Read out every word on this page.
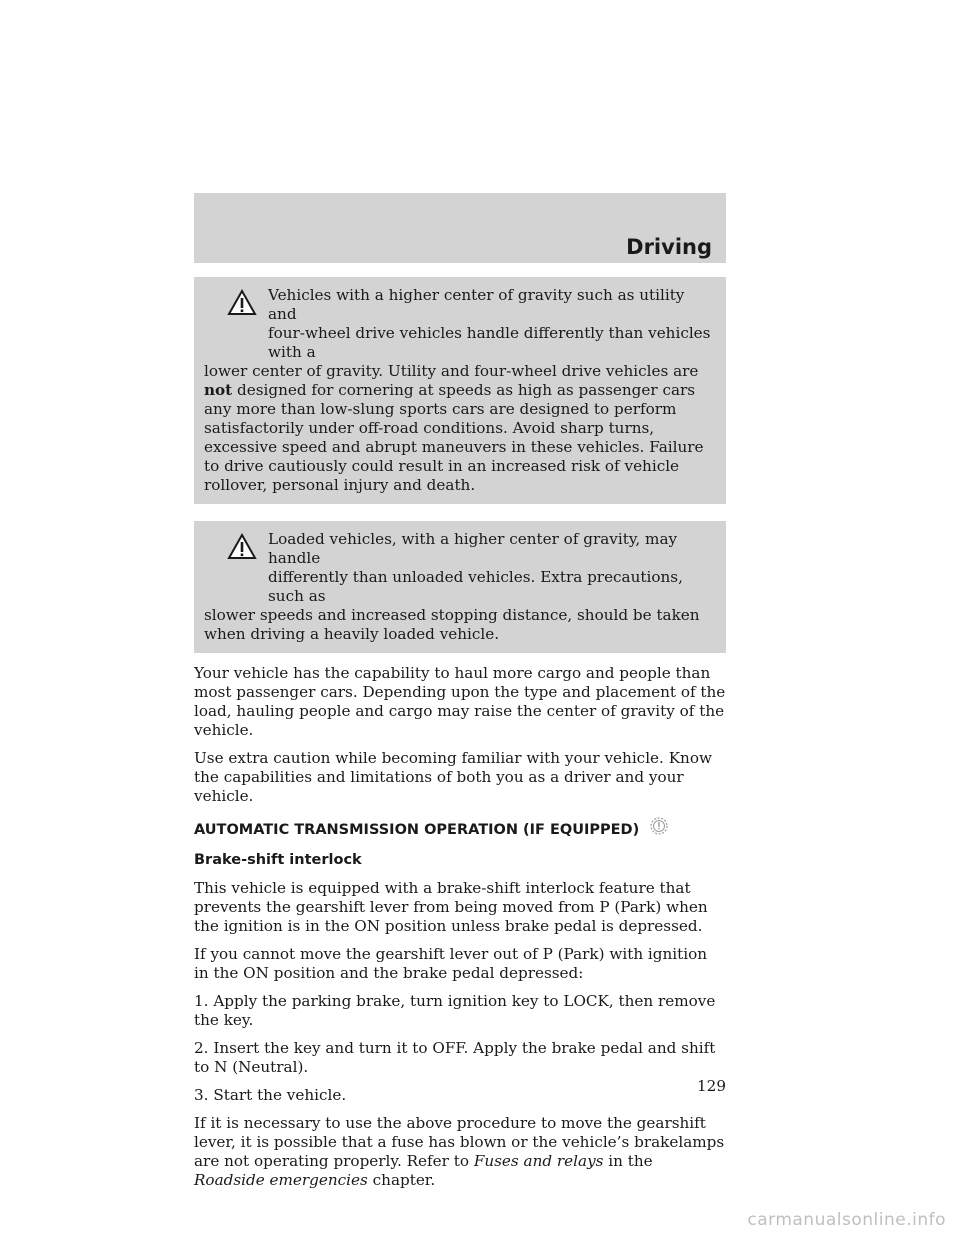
Driving
Vehicles with a higher center of gravity such as utility and
four-wheel drive vehicles handle differently than vehicles with a
lower center of gravity. Utility and four-wheel drive vehicles are not designed for cornering at speeds as high as passenger cars any more than low-slung sports cars are designed to perform satisfactorily under off-road conditions. Avoid sharp turns, excessive speed and abrupt maneuvers in these vehicles. Failure to drive cautiously could result in an increased risk of vehicle rollover, personal injury and death.
Loaded vehicles, with a higher center of gravity, may handle
differently than unloaded vehicles. Extra precautions, such as
slower speeds and increased stopping distance, should be taken when driving a heavily loaded vehicle.

Your vehicle has the capability to haul more cargo and people than most passenger cars. Depending upon the type and placement of the load, hauling people and cargo may raise the center of gravity of the vehicle.

Use extra caution while becoming familiar with your vehicle. Know the capabilities and limitations of both you as a driver and your vehicle.

AUTOMATIC TRANSMISSION OPERATION (IF EQUIPPED)
Brake-shift interlock

This vehicle is equipped with a brake-shift interlock feature that prevents the gearshift lever from being moved from P (Park) when the ignition is in the ON position unless brake pedal is depressed.

If you cannot move the gearshift lever out of P (Park) with ignition in the ON position and the brake pedal depressed:

1. Apply the parking brake, turn ignition key to LOCK, then remove the key.

2. Insert the key and turn it to OFF. Apply the brake pedal and shift to N (Neutral).

3. Start the vehicle.

If it is necessary to use the above procedure to move the gearshift lever, it is possible that a fuse has blown or the vehicle’s brakelamps are not operating properly. Refer to Fuses and relays in the Roadside emergencies chapter.

129
carmanualsonline.info
